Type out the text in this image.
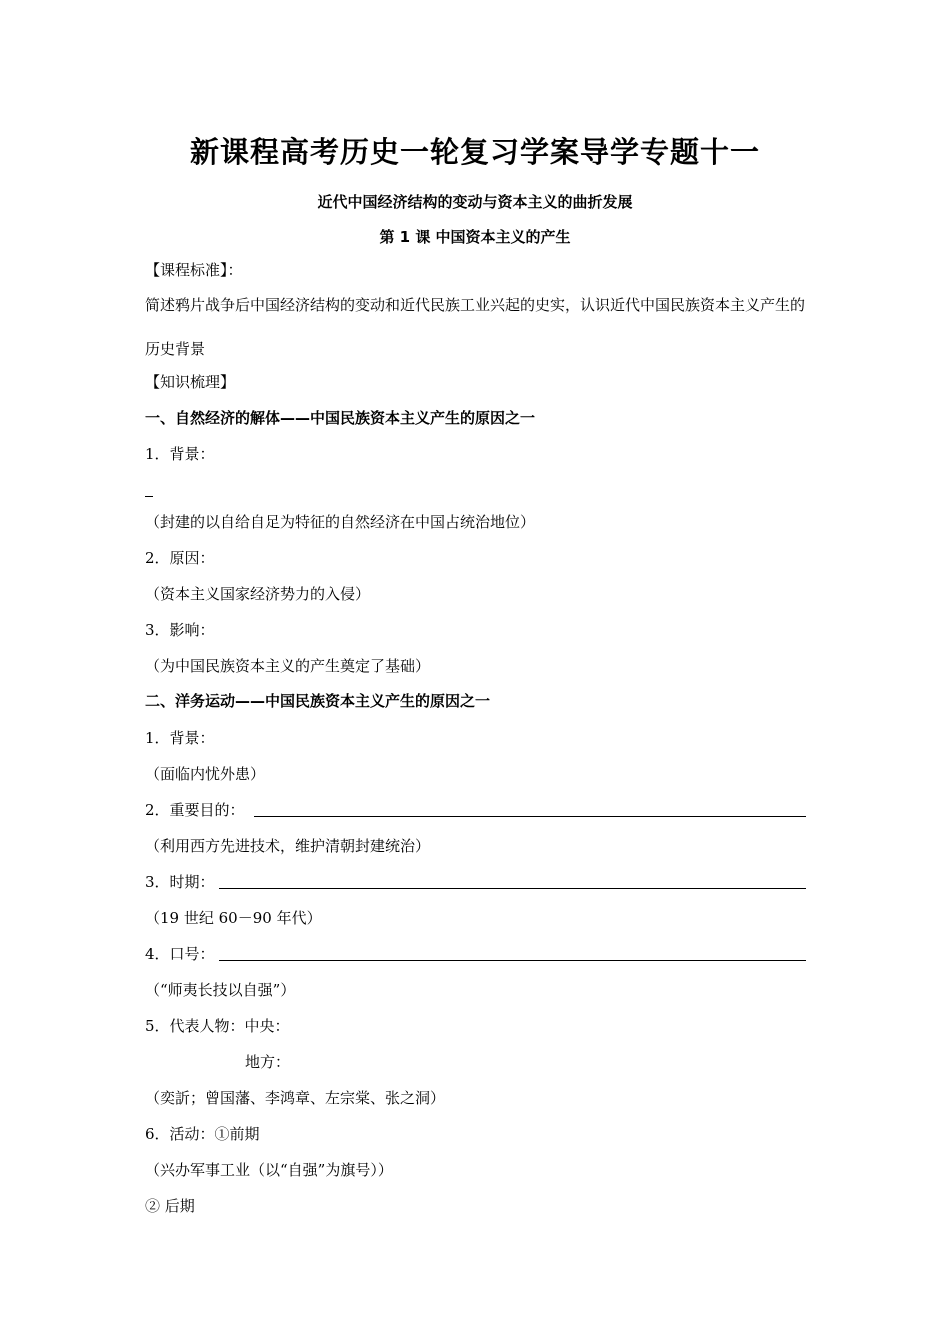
新课程高考历史一轮复习学案导学专题十一
近代中国经济结构的变动与资本主义的曲折发展
第 1 课 中国资本主义的产生
【课程标准】：
简述鸦片战争后中国经济结构的变动和近代民族工业兴起的史实，认识近代中国民族资本主义产生的历史背景
【知识梳理】
一、自然经济的解体——中国民族资本主义产生的原因之一
1．背景：
（封建的以自给自足为特征的自然经济在中国占统治地位）
2．原因：
（资本主义国家经济势力的入侵）
3．影响：
（为中国民族资本主义的产生奠定了基础）
二、洋务运动——中国民族资本主义产生的原因之一
1．背景：
（面临内忧外患）
2．重要目的：
（利用西方先进技术，维护清朝封建统治）
3．时期：
（19 世纪 60－90 年代）
4．口号：
（“师夷长技以自强”）
5．代表人物：中央：
地方：
（奕訢；曾国藩、李鸿章、左宗棠、张之洞）
6．活动：①前期
（兴办军事工业（以“自强”为旗号））
② 后期
